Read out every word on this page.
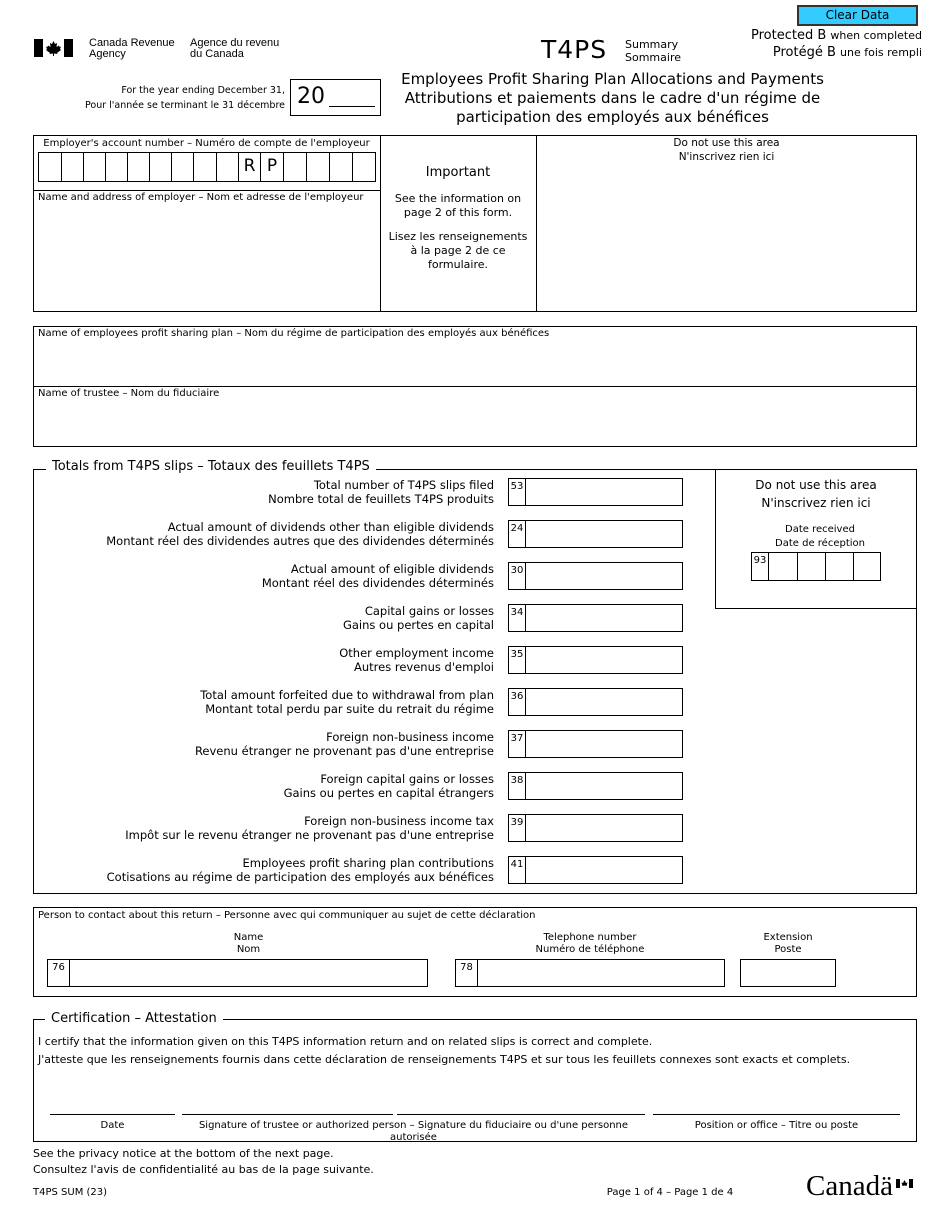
Clear Data
Canada Revenue
Agency
Agence du revenu
du Canada	T4PS Summary
Sommaire
Protected B when completed
Protégé B une fois rempli
For the year ending December 31,
Pour l'année se terminant le 31 décembre 20
Employees Profit Sharing Plan Allocations and Payments
Attributions et paiements dans le cadre d'un régime de
participation des employés aux bénéfices
Employer's account number – Numéro de compte de l'employeur
R P
Name and address of employer – Nom et adresse de l'employeur
Important
See the information on page 2 of this form.
Lisez les renseignements à la page 2 de ce formulaire.
Do not use this area
N'inscrivez rien ici
Name of employees profit sharing plan – Nom du régime de participation des employés aux bénéfices
Name of trustee – Nom du fiduciaire
Totals from T4PS slips – Totaux des feuillets T4PS
Total number of T4PS slips filed
Nombre total de feuillets T4PS produits
53
Actual amount of dividends other than eligible dividends
Montant réel des dividendes autres que des dividendes déterminés
24
Actual amount of eligible dividends
Montant réel des dividendes déterminés
30
Capital gains or losses
Gains ou pertes en capital
34
Other employment income
Autres revenus d'emploi
35
Total amount forfeited due to withdrawal from plan
Montant total perdu par suite du retrait du régime
36
Foreign non-business income
Revenu étranger ne provenant pas d'une entreprise
37
Foreign capital gains or losses
Gains ou pertes en capital étrangers
38
Foreign non-business income tax
Impôt sur le revenu étranger ne provenant pas d'une entreprise
39
Employees profit sharing plan contributions
Cotisations au régime de participation des employés aux bénéfices
41
Do not use this area
N'inscrivez rien ici
Date received
Date de réception
93
Person to contact about this return – Personne avec qui communiquer au sujet de cette déclaration
Name
Nom
76
Telephone number
Numéro de téléphone
78
Extension
Poste
Certification – Attestation
I certify that the information given on this T4PS information return and on related slips is correct and complete.
J'atteste que les renseignements fournis dans cette déclaration de renseignements T4PS et sur tous les feuillets connexes sont exacts et complets.
Date	Signature of trustee or authorized person – Signature du fiduciaire ou d'une personne autorisée
Position or office – Titre ou poste
See the privacy notice at the bottom of the next page.
Consultez l'avis de confidentialité au bas de la page suivante.
T4PS SUM (23)	Page 1 of 4 – Page 1 de 4	Canadä
